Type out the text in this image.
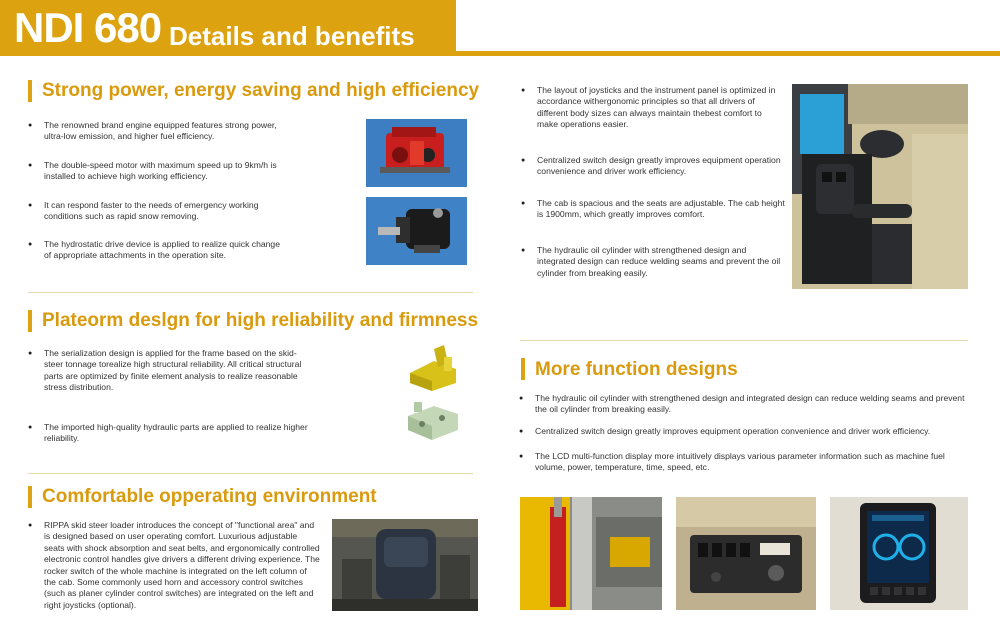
NDI 680 Details and benefits
Strong power, energy saving and high efficiency
● The renowned brand engine equipped features strong power, ultra-low emission, and higher fuel efficiency.
● The double-speed motor with maximum speed up to 9km/h is installed to achieve high working efficiency.
● It can respond faster to the needs of emergency working conditions such as rapid snow removing.
● The hydrostatic drive device is applied to realize quick change of appropriate attachments in the operation site.
Plateorm deslgn for high reliability and firmness
● The serialization design is applied for the frame based on the skid-steer tonnage torealize high structural reliability. All critical structural parts are optimized by finite element analysis to realize reasonable stress distribution.
● The imported high-quality hydraulic parts are applied to realize higher reliability.
Comfortable opperating environment
● RIPPA skid steer loader introduces the concept of "functional area" and is designed based on user operating comfort. Luxurious adjustable seats with shock absorption and seat belts, and ergonomically controlled electronic control handles give drivers a different driving experience. The rocker switch of the whole machine is integrated on the left column of the cab. Some commonly used horn and accessory control switches (such as planer cylinder control switches) are integrated on the left and right joysticks (optional).
● The layout of joysticks and the instrument panel is optimized in accordance withergonomic principles so that all drivers of different body sizes can always maintain thebest comfort to make operations easier.
● Centralized switch design greatly improves equipment operation convenience and driver work efficiency.
● The cab is spacious and the seats are adjustable. The cab height is 1900mm, which greatly improves comfort.
● The hydraulic oil cylinder with strengthened design and integrated design can reduce welding seams and prevent the oil cylinder from breaking easily.
More function designs
● The hydraulic oil cylinder with strengthened design and integrated design can reduce welding seams and prevent the oil cylinder from breaking easily.
● Centralized switch design greatly improves equipment operation convenience and driver work efficiency.
● The LCD multi-function display more intuitively displays various parameter information such as machine fuel volume, power, temperature, time, speed, etc.
